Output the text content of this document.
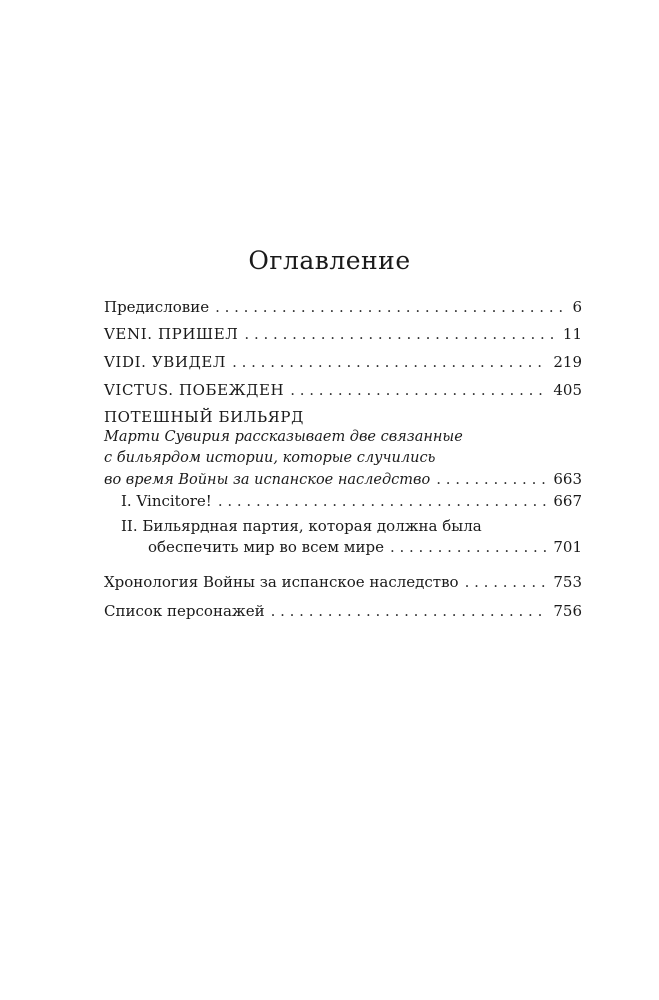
Оглавление
Предисловие . . .	6
VENI. ПРИШЕЛ . . .	11
VIDI. УВИДЕЛ . . .	219
VICTUS. ПОБЕЖДЕН . . .	405
ПОТЕШНЫЙ БИЛЬЯРД
Марти Сувирия рассказывает две связанные
с бильярдом истории, которые случились
во время Войны за испанское наследство . . .	663
I. Vincitore! . . .	667
II. Бильярдная партия, которая должна была
обеспечить мир во всем мире . . .	701
Хронология Войны за испанское наследство . . .	753
Список персонажей . . .	756
